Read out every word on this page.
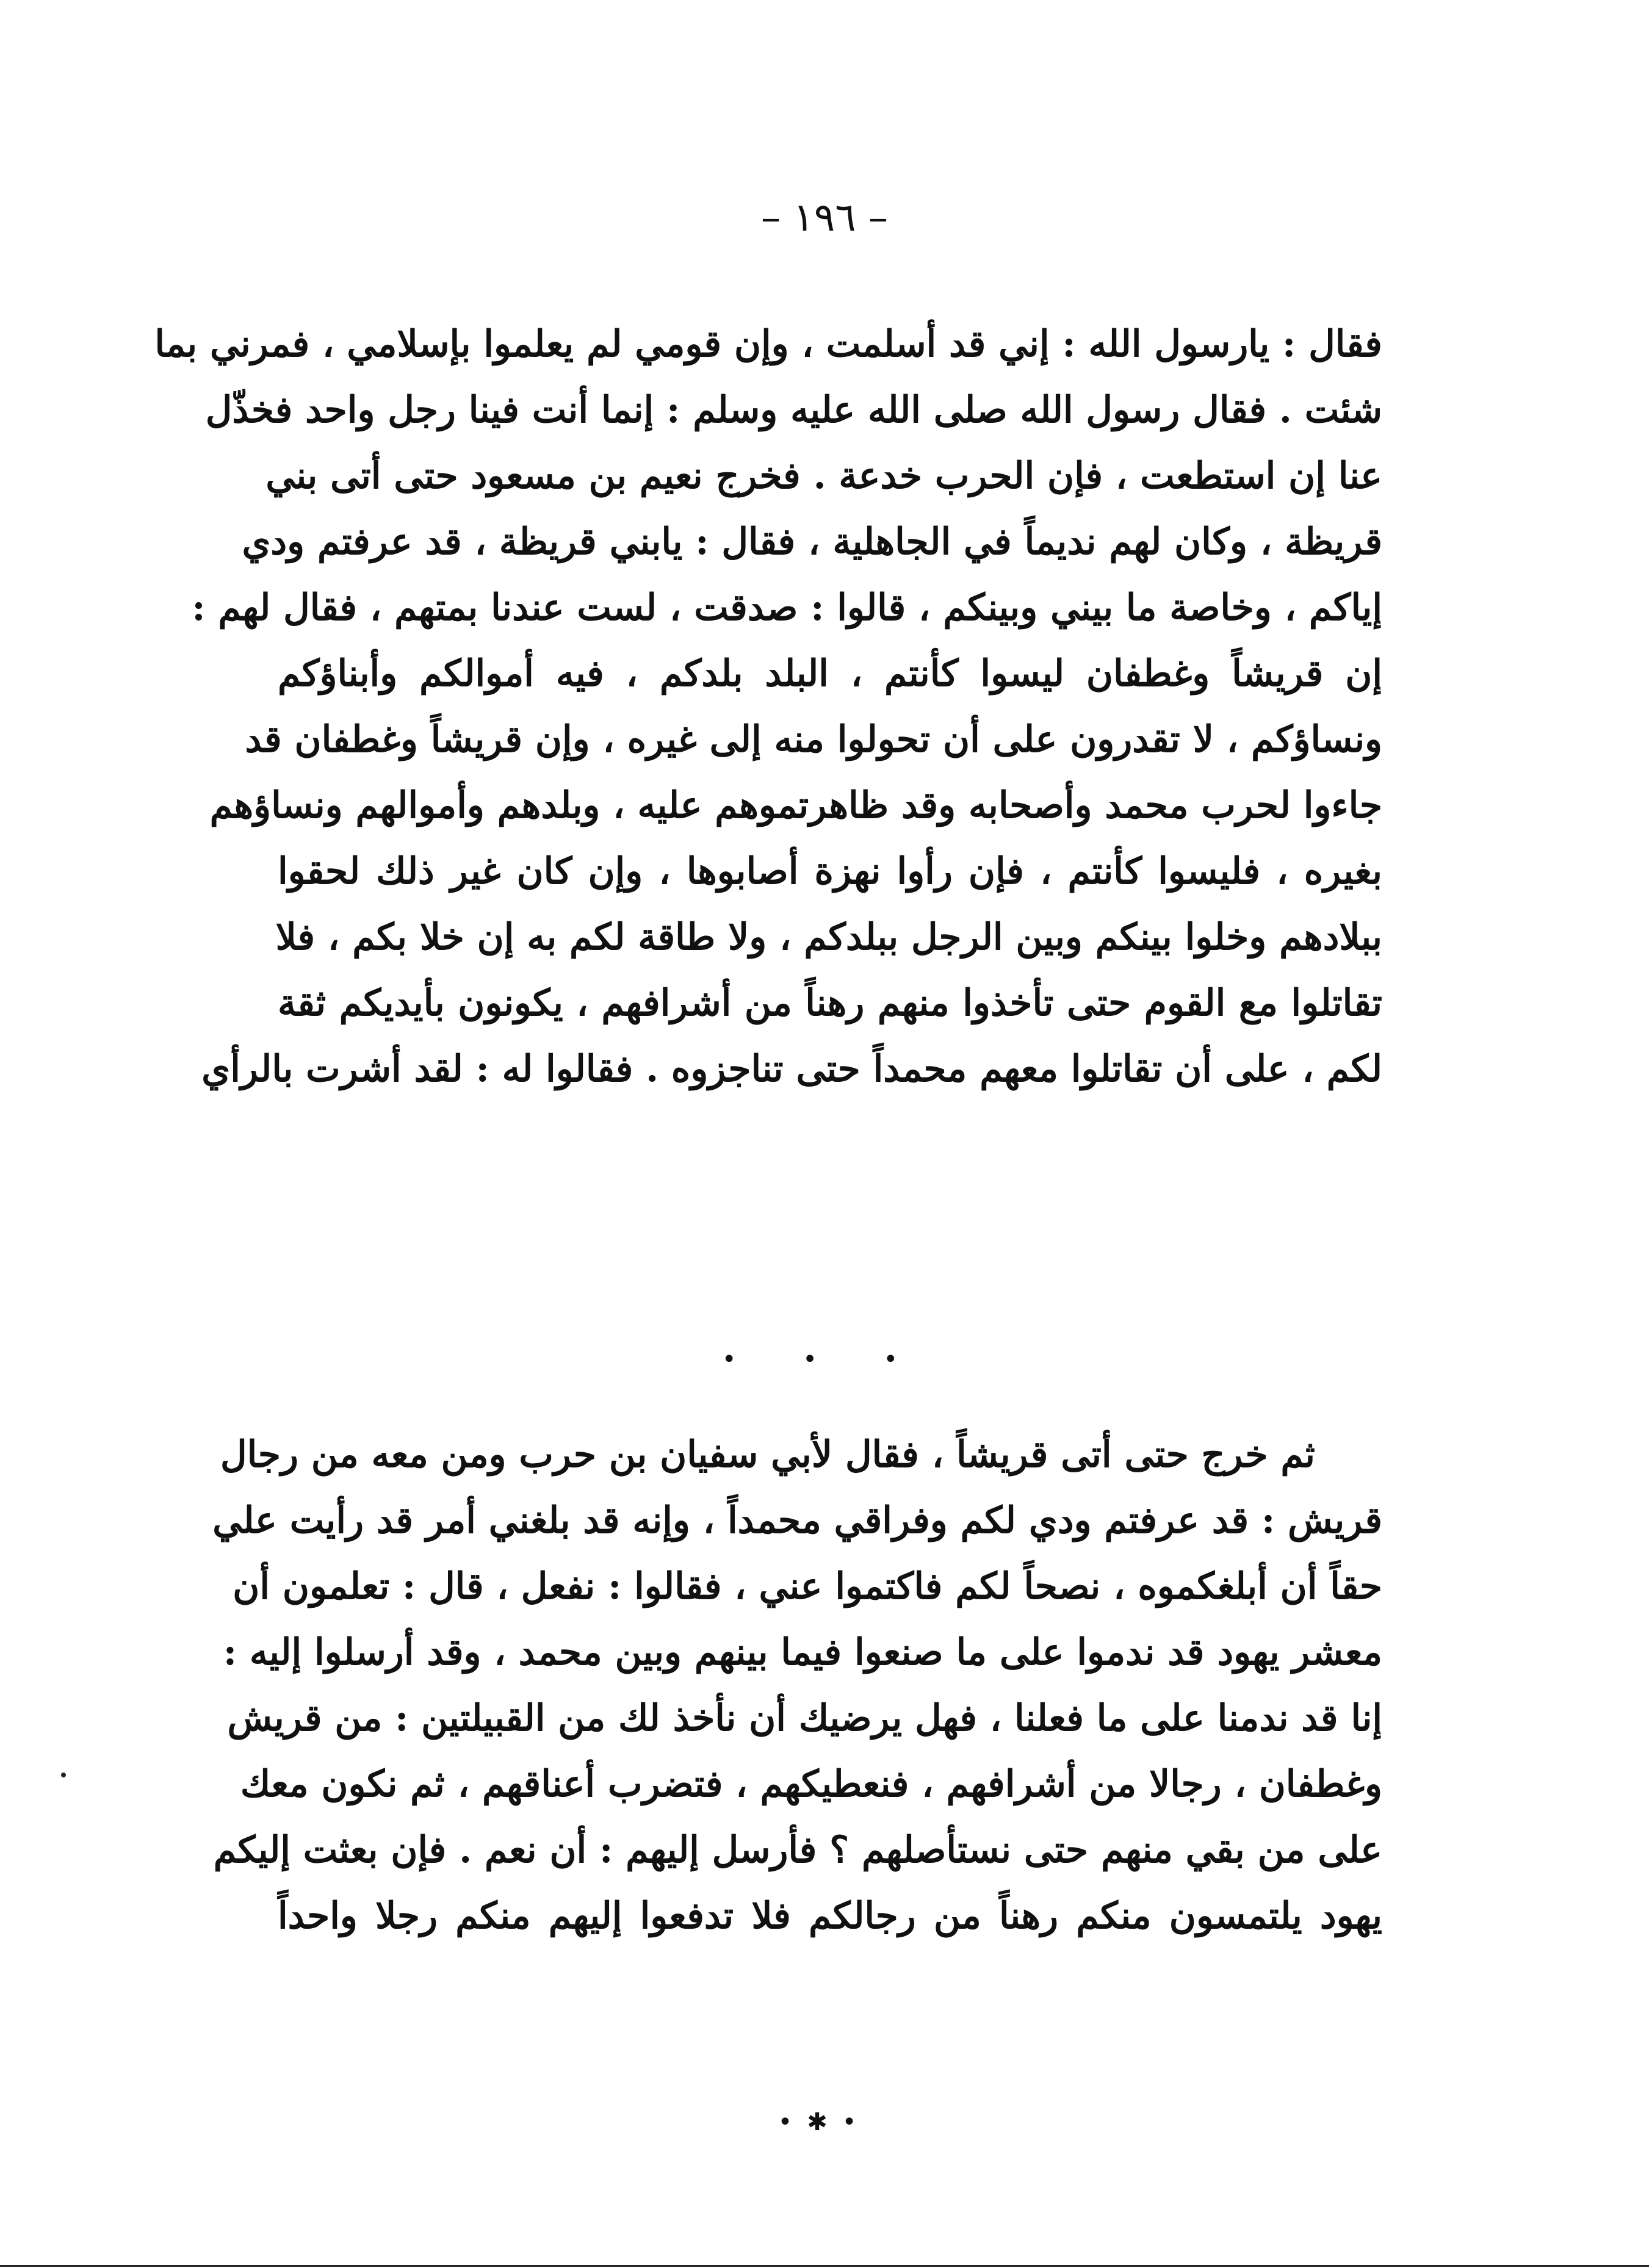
– ١٩٦ –
فقال : يارسول الله : إني قد أسلمت ، وإن قومي لم يعلموا بإسلامي ، فمرني بما
شئت . فقال رسول الله صلى الله عليه وسلم : إنما أنت فينا رجل واحد فخذّل
عنا إن استطعت ، فإن الحرب خدعة . فخرج نعيم بن مسعود حتى أتى بني
قريظة ، وكان لهم نديماً في الجاهلية ، فقال : يابني قريظة ، قد عرفتم ودي
إياكم ، وخاصة ما بيني وبينكم ، قالوا : صدقت ، لست عندنا بمتهم ، فقال لهم :
إن قريشاً وغطفان ليسوا كأنتم ، البلد بلدكم ، فيه أموالكم وأبناؤكم
ونساؤكم ، لا تقدرون على أن تحولوا منه إلى غيره ، وإن قريشاً وغطفان قد
جاءوا لحرب محمد وأصحابه وقد ظاهرتموهم عليه ، وبلدهم وأموالهم ونساؤهم
بغيره ، فليسوا كأنتم ، فإن رأوا نهزة أصابوها ، وإن كان غير ذلك لحقوا
ببلادهم وخلوا بينكم وبين الرجل ببلدكم ، ولا طاقة لكم به إن خلا بكم ، فلا
تقاتلوا مع القوم حتى تأخذوا منهم رهناً من أشرافهم ، يكونون بأيديكم ثقة
لكم ، على أن تقاتلوا معهم محمداً حتى تناجزوه . فقالوا له : لقد أشرت بالرأي
• • •
ثم خرج حتى أتى قريشاً ، فقال لأبي سفيان بن حرب ومن معه من رجال
قريش : قد عرفتم ودي لكم وفراقي محمداً ، وإنه قد بلغني أمر قد رأيت علي
حقاً أن أبلغكموه ، نصحاً لكم فاكتموا عني ، فقالوا : نفعل ، قال : تعلمون أن
معشر يهود قد ندموا على ما صنعوا فيما بينهم وبين محمد ، وقد أرسلوا إليه :
إنا قد ندمنا على ما فعلنا ، فهل يرضيك أن نأخذ لك من القبيلتين : من قريش
وغطفان ، رجالا من أشرافهم ، فنعطيكهم ، فتضرب أعناقهم ، ثم نكون معك
على من بقي منهم حتى نستأصلهم ؟ فأرسل إليهم : أن نعم . فإن بعثت إليكم
يهود يلتمسون منكم رهناً من رجالكم فلا تدفعوا إليهم منكم رجلا واحداً
•✱•
